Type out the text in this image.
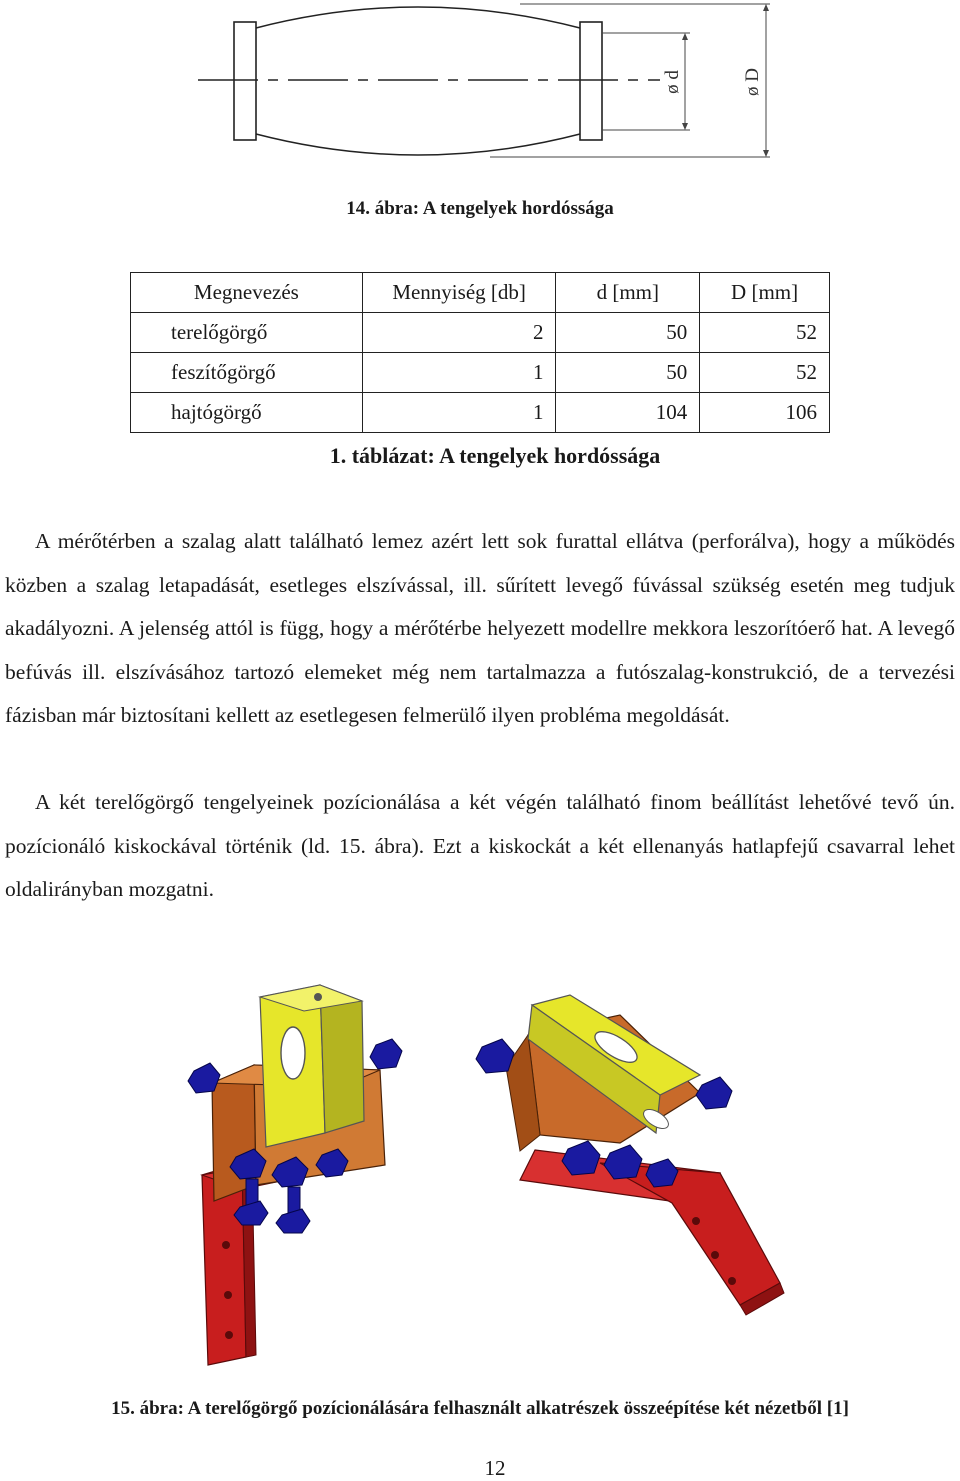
ø d	ø D
14. ábra: A tengelyek hordóssága
Megnevezés	Mennyiség [db]	d [mm]	D [mm]
terelőgörgő	2	50	52
feszítőgörgő	1	50	52
hajtógörgő	1	104	106
1. táblázat: A tengelyek hordóssága
A mérőtérben a szalag alatt található lemez azért lett sok furattal ellátva (perforálva), hogy a működés közben a szalag letapadását, esetleges elszívással, ill. sűrített levegő fúvással szükség esetén meg tudjuk akadályozni. A jelenség attól is függ, hogy a mérőtérbe helyezett modellre mekkora leszorítóerő hat. A levegő befúvás ill. elszívásához tartozó elemeket még nem tartalmazza a futószalag-konstrukció, de a tervezési fázisban már biztosítani kellett az esetlegesen felmerülő ilyen probléma megoldását.
A két terelőgörgő tengelyeinek pozícionálása a két végén található finom beállítást lehetővé tevő ún. pozícionáló kiskockával történik (ld. 15. ábra). Ezt a kiskockát a két ellenanyás hatlapfejű csavarral lehet oldalirányban mozgatni.
15. ábra: A terelőgörgő pozícionálására felhasznált alkatrészek összeépítése két nézetből [1]
12
